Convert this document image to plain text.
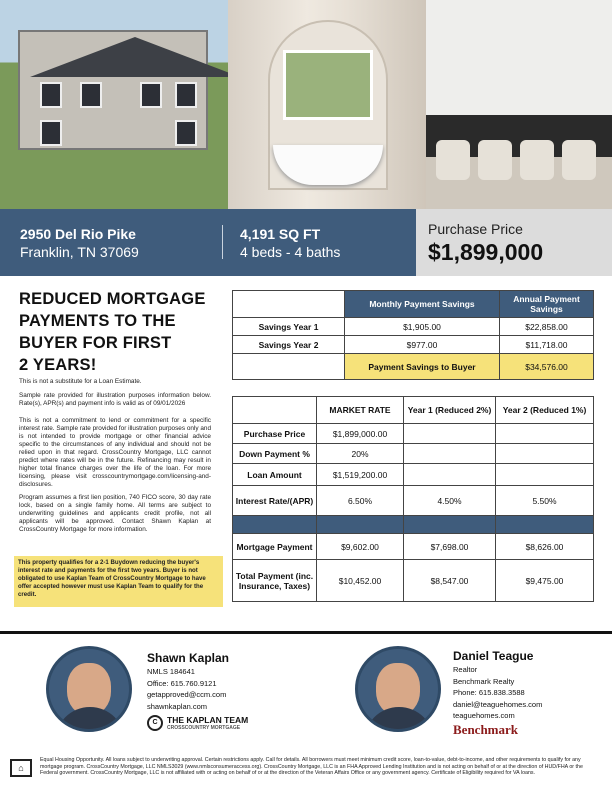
2950 Del Rio Pike
Franklin, TN 37069
4,191 SQ FT
4 beds - 4 baths
Purchase Price
$1,899,000
REDUCED MORTGAGE
PAYMENTS TO THE
BUYER FOR FIRST
2 YEARS!
This is not a substitute for a Loan Estimate.
Sample rate provided for illustration purposes information below. Rate(s), APR(s) and payment info is valid as of 09/01/2026
This is not a commitment to lend or commitment for a specific interest rate. Sample rate provided for illustration purposes only and is not intended to provide mortgage or other financial advice specific to the circumstances of any individual and should not be relied upon in that regard. CrossCountry Mortgage, LLC cannot predict where rates will be in the future. Refinancing may result in higher total finance charges over the life of the loan. For more licensing, please visit crosscountrymortgage.com/licensing-and-disclosures.
Program assumes a first lien position, 740 FICO score, 30 day rate lock, based on a single family home. All terms are subject to underwriting guidelines and applicants credit profile, not all applicants will be approved. Contact Shawn Kaplan at CrossCountry Mortgage for more information.
This property qualifies for a 2-1 Buydown reducing the buyer's interest rate and payments for the first two years. Buyer is not obligated to use Kaplan Team of CrossCountry Mortgage to have offer accepted however must use Kaplan Team to qualify for the credit.
	Monthly Payment Savings	Annual Payment Savings
Savings Year 1	$1,905.00	$22,858.00
Savings Year 2	$977.00	$11,718.00
	Payment Savings to Buyer	$34,576.00
	MARKET RATE	Year 1 (Reduced 2%)	Year 2 (Reduced 1%)
Purchase Price	$1,899,000.00		
Down Payment %	20%		
Loan Amount	$1,519,200.00		
Interest Rate/(APR)	6.50%	4.50%	5.50%

Mortgage Payment	$9,602.00	$7,698.00	$8,626.00
Total Payment (inc. Insurance, Taxes)	$10,452.00	$8,547.00	$9,475.00
Shawn Kaplan
NMLS 184641
Office: 615.760.9121
getapproved@ccm.com
shawnkaplan.com
C	THE KAPLAN TEAM
CROSSCOUNTRY MORTGAGE
Daniel Teague
Realtor
Benchmark Realty
Phone: 615.838.3588
daniel@teaguehomes.com
teaguehomes.com
Benchmark
⌂
Equal Housing Opportunity. All loans subject to underwriting approval. Certain restrictions apply. Call for details. All borrowers must meet minimum credit score, loan-to-value, debt-to-income, and other requirements to qualify for any mortgage program. CrossCountry Mortgage, LLC NMLS3029 (www.nmlsconsumeraccess.org). CrossCountry Mortgage, LLC is an FHA Approved Lending Institution and is not acting on behalf of or at the direction of HUD/FHA or the Federal government. CrossCountry Mortgage, LLC is not affiliated with or acting on behalf of or at the direction of the Veteran Affairs Office or any government agency. Certificate of Eligibility required for VA loans.
